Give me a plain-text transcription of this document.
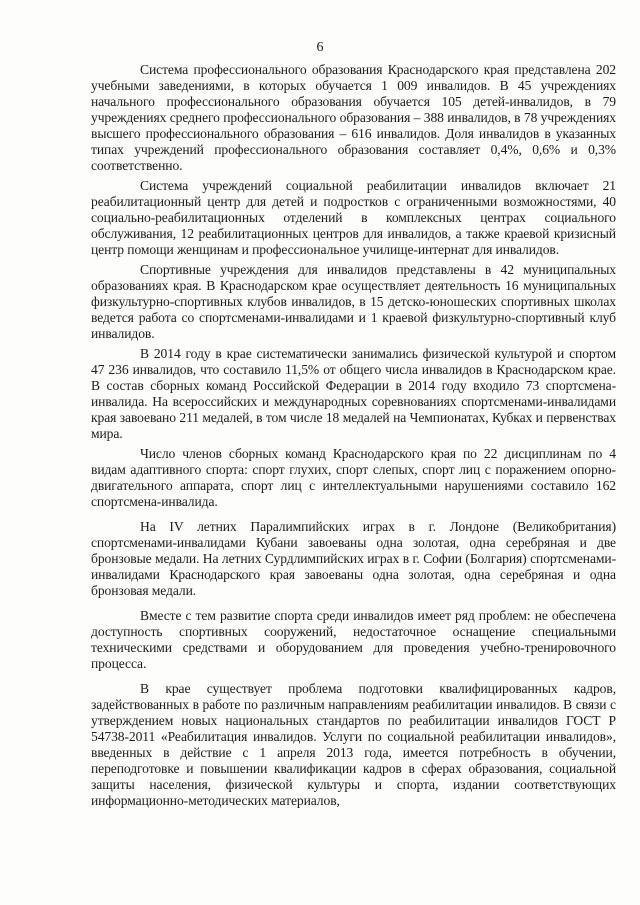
6

Система профессионального образования Краснодарского края представлена 202 учебными заведениями, в которых обучается 1 009 инвалидов. В 45 учреждениях начального профессионального образования обучается 105 детей-инвалидов, в 79 учреждениях среднего профессионального образования – 388 инвалидов, в 78 учреждениях высшего профессионального образования – 616 инвалидов. Доля инвалидов в указанных типах учреждений профессионального образования составляет 0,4%, 0,6% и 0,3% соответственно.

Система учреждений социальной реабилитации инвалидов включает 21 реабилитационный центр для детей и подростков с ограниченными возможностями, 40 социально-реабилитационных отделений в комплексных центрах социального обслуживания, 12 реабилитационных центров для инвалидов, а также краевой кризисный центр помощи женщинам и профессиональное училище-интернат для инвалидов.

Спортивные учреждения для инвалидов представлены в 42 муниципальных образованиях края. В Краснодарском крае осуществляет деятельность 16 муниципальных физкультурно-спортивных клубов инвалидов, в 15 детско-юношеских спортивных школах ведется работа со спортсменами-инвалидами и 1 краевой физкультурно-спортивный клуб инвалидов.

В 2014 году в крае систематически занимались физической культурой и спортом 47 236 инвалидов, что составило 11,5% от общего числа инвалидов в Краснодарском крае. В состав сборных команд Российской Федерации в 2014 году входило 73 спортсмена-инвалида. На всероссийских и международных соревнованиях спортсменами-инвалидами края завоевано 211 медалей, в том числе 18 медалей на Чемпионатах, Кубках и первенствах мира.

Число членов сборных команд Краснодарского края по 22 дисциплинам по 4 видам адаптивного спорта: спорт глухих, спорт слепых, спорт лиц с поражением опорно-двигательного аппарата, спорт лиц с интеллектуальными нарушениями составило 162 спортсмена-инвалида.

На IV летних Паралимпийских играх в г. Лондоне (Великобритания) спортсменами-инвалидами Кубани завоеваны одна золотая, одна серебряная и две бронзовые медали. На летних Сурдлимпийских играх в г. Софии (Болгария) спортсменами-инвалидами Краснодарского края завоеваны одна золотая, одна серебряная и одна бронзовая медали.

Вместе с тем развитие спорта среди инвалидов имеет ряд проблем: не обеспечена доступность спортивных сооружений, недостаточное оснащение специальными техническими средствами и оборудованием для проведения учебно-тренировочного процесса.

В крае существует проблема подготовки квалифицированных кадров, задействованных в работе по различным направлениям реабилитации инвалидов. В связи с утверждением новых национальных стандартов по реабилитации инвалидов ГОСТ Р 54738-2011 «Реабилитация инвалидов. Услуги по социальной реабилитации инвалидов», введенных в действие с 1 апреля 2013 года, имеется потребность в обучении, переподготовке и повышении квалификации кадров в сферах образования, социальной защиты населения, физической культуры и спорта, издании соответствующих информационно-методических материалов,
